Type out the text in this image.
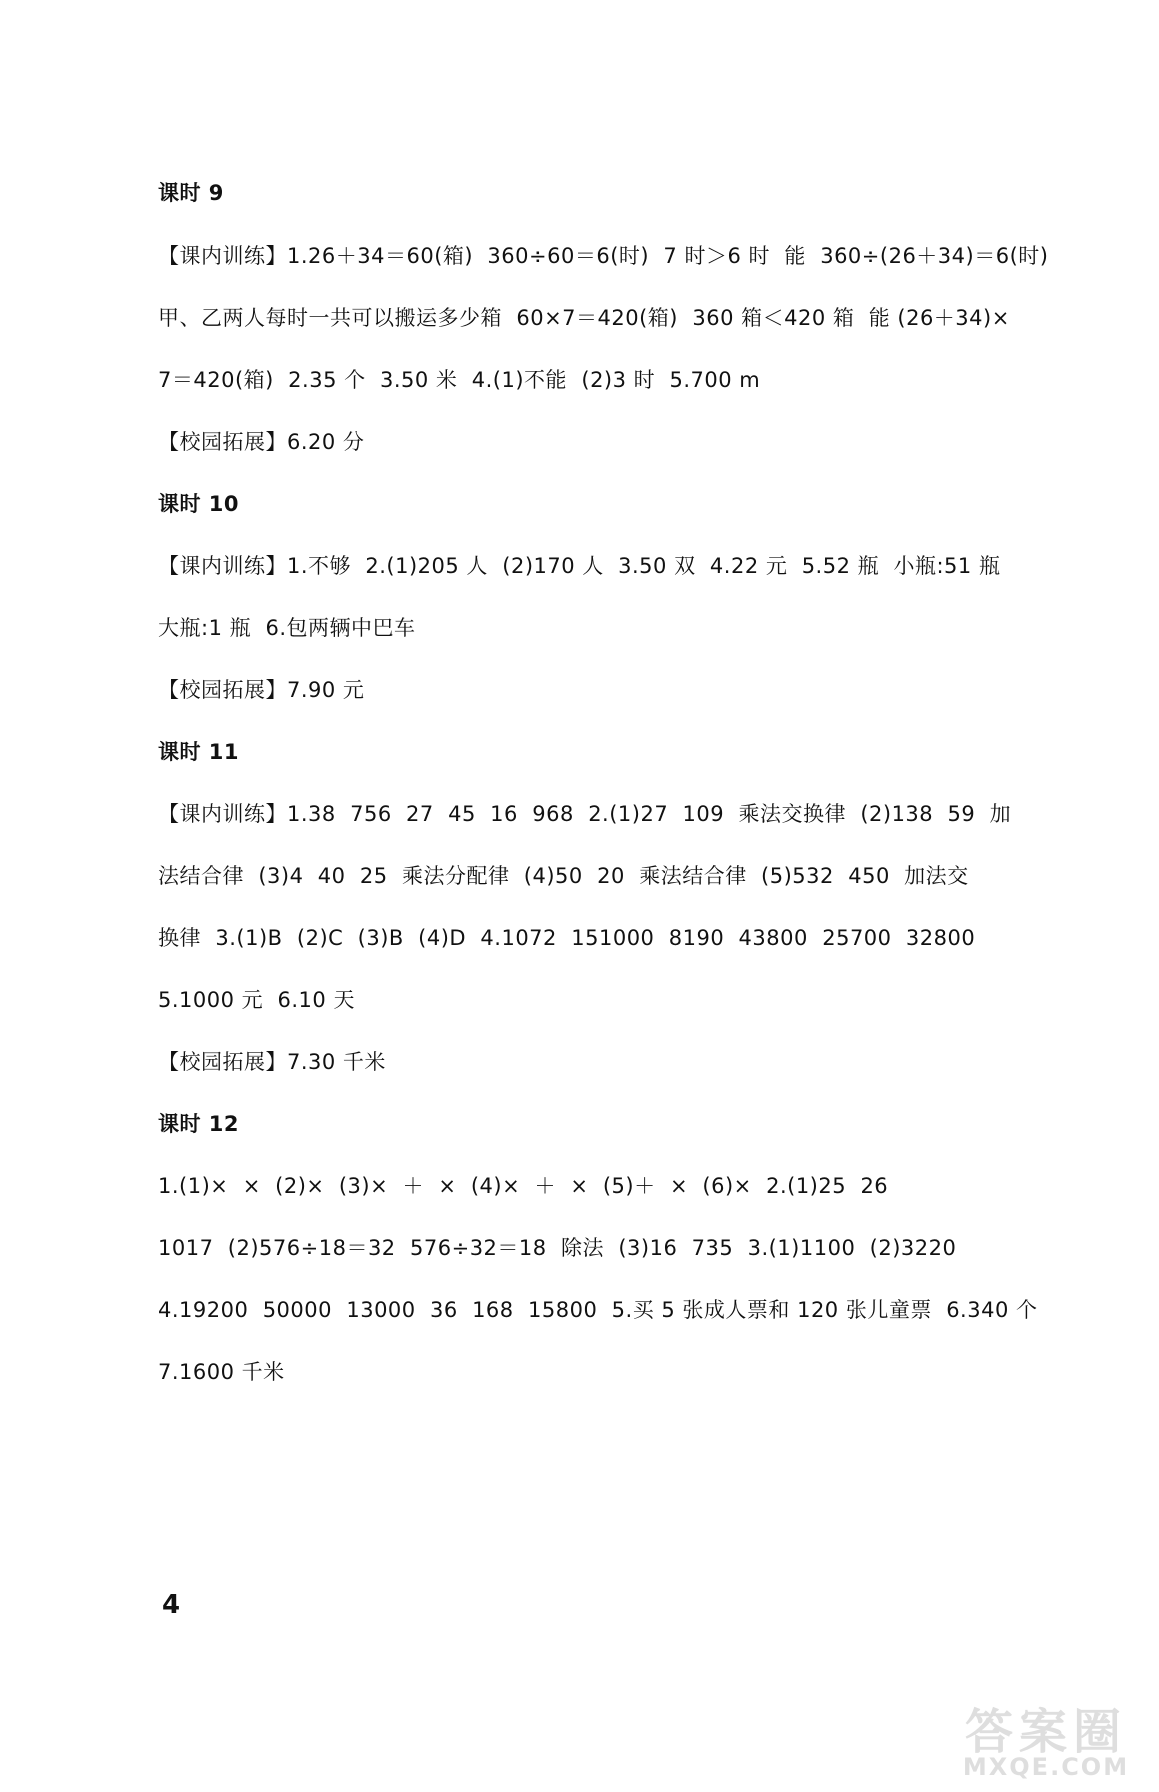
课时 9
【课内训练】1.26＋34＝60(箱)  360÷60＝6(时)  7 时＞6 时  能  360÷(26＋34)＝6(时)
甲、乙两人每时一共可以搬运多少箱  60×7＝420(箱)  360 箱＜420 箱  能 (26＋34)×
7＝420(箱)  2.35 个  3.50 米  4.(1)不能  (2)3 时  5.700 m
【校园拓展】6.20 分
课时 10
【课内训练】1.不够  2.(1)205 人  (2)170 人  3.50 双  4.22 元  5.52 瓶  小瓶:51 瓶
大瓶:1 瓶  6.包两辆中巴车
【校园拓展】7.90 元
课时 11
【课内训练】1.38  756  27  45  16  968  2.(1)27  109  乘法交换律  (2)138  59  加
法结合律  (3)4  40  25  乘法分配律  (4)50  20  乘法结合律  (5)532  450  加法交
换律  3.(1)B  (2)C  (3)B  (4)D  4.1072  151000  8190  43800  25700  32800
5.1000 元  6.10 天
【校园拓展】7.30 千米
课时 12
1.(1)×  ×  (2)×  (3)×  ＋  ×  (4)×  ＋  ×  (5)＋  ×  (6)×  2.(1)25  26
1017  (2)576÷18＝32  576÷32＝18  除法  (3)16  735  3.(1)1100  (2)3220
4.19200  50000  13000  36  168  15800  5.买 5 张成人票和 120 张儿童票  6.340 个
7.1600 千米
4
答案圈
MXQE.COM
